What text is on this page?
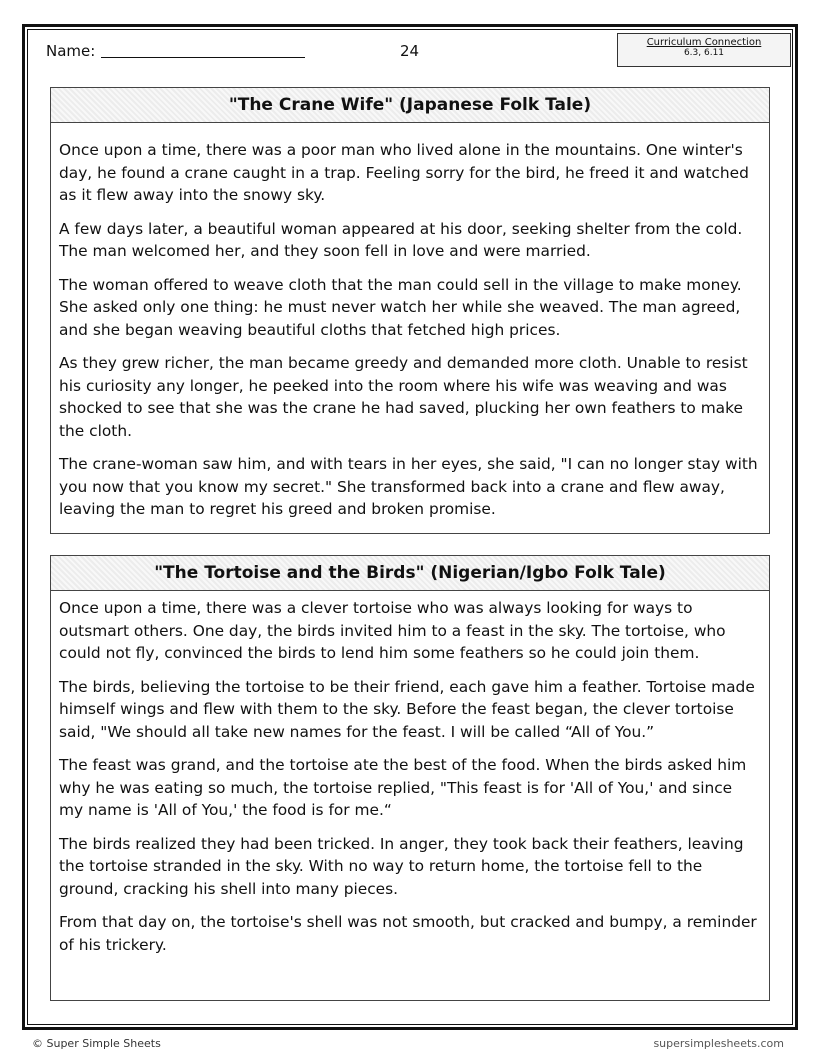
Name:	24	Curriculum Connection
6.3, 6.11
"The Crane Wife" (Japanese Folk Tale)

Once upon a time, there was a poor man who lived alone in the mountains. One winter's day, he found a crane caught in a trap. Feeling sorry for the bird, he freed it and watched as it flew away into the snowy sky.

A few days later, a beautiful woman appeared at his door, seeking shelter from the cold. The man welcomed her, and they soon fell in love and were married.

The woman offered to weave cloth that the man could sell in the village to make money. She asked only one thing: he must never watch her while she weaved. The man agreed, and she began weaving beautiful cloths that fetched high prices.

As they grew richer, the man became greedy and demanded more cloth. Unable to resist his curiosity any longer, he peeked into the room where his wife was weaving and was shocked to see that she was the crane he had saved, plucking her own feathers to make the cloth.

The crane-woman saw him, and with tears in her eyes, she said, "I can no longer stay with you now that you know my secret." She transformed back into a crane and flew away, leaving the man to regret his greed and broken promise.

"The Tortoise and the Birds" (Nigerian/Igbo Folk Tale)

Once upon a time, there was a clever tortoise who was always looking for ways to outsmart others. One day, the birds invited him to a feast in the sky. The tortoise, who could not fly, convinced the birds to lend him some feathers so he could join them.

The birds, believing the tortoise to be their friend, each gave him a feather. Tortoise made himself wings and flew with them to the sky. Before the feast began, the clever tortoise said, "We should all take new names for the feast. I will be called “All of You.”

The feast was grand, and the tortoise ate the best of the food. When the birds asked him why he was eating so much, the tortoise replied, "This feast is for 'All of You,' and since my name is 'All of You,' the food is for me.“

The birds realized they had been tricked. In anger, they took back their feathers, leaving the tortoise stranded in the sky. With no way to return home, the tortoise fell to the ground, cracking his shell into many pieces.

From that day on, the tortoise's shell was not smooth, but cracked and bumpy, a reminder of his trickery.

© Super Simple Sheets	supersimplesheets.com
